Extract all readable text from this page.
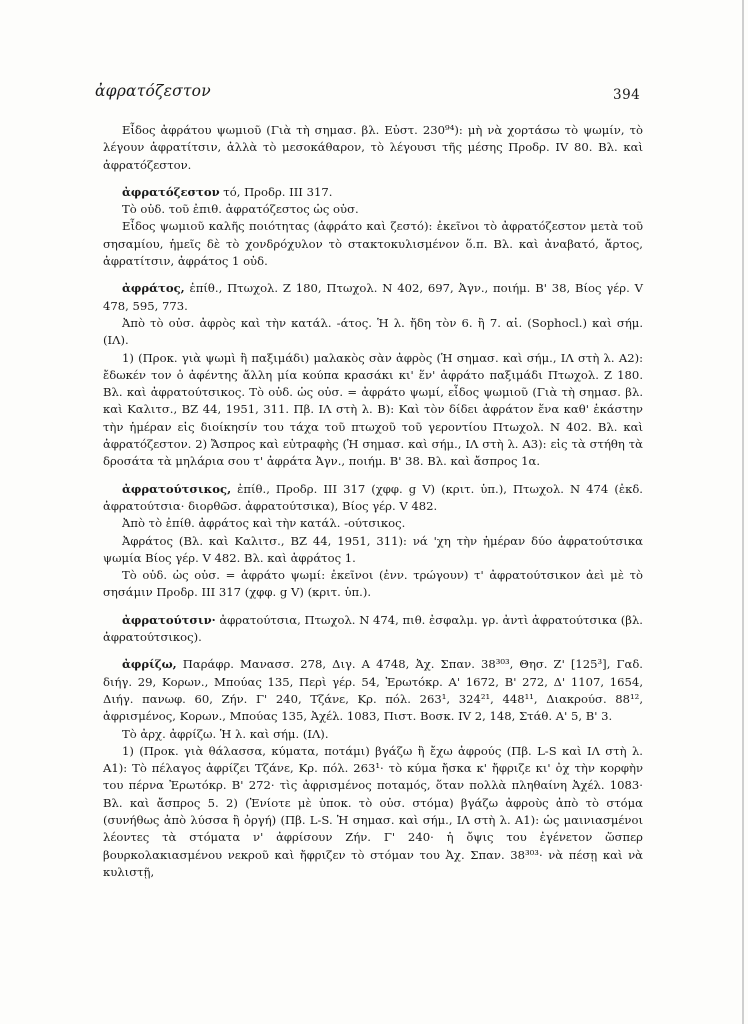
ἀφρατόζεστον	394

Εἶδος ἀφράτου ψωμιοῦ (Γιὰ τὴ σημασ. βλ. Εὐστ. 230⁹⁴): μὴ νὰ χορτάσω τὸ ψωμίν, τὸ λέγουν ἀφρατίτσιν, ἀλλὰ τὸ μεσοκάθαρον, τὸ λέγουσι τῆς μέσης Προδρ. IV 80. Βλ. καὶ ἀφρατόζεστον.

ἀφρατόζεστον τό, Προδρ. III 317.

Τὸ οὐδ. τοῦ ἐπιθ. ἀφρατόζεστος ὡς οὐσ.

Εἶδος ψωμιοῦ καλῆς ποιότητας (ἀφράτο καὶ ζεστό): ἐκεῖνοι τὸ ἀφρατόζεστον μετὰ τοῦ σησαμίου, ἡμεῖς δὲ τὸ χονδρόχυλον τὸ στακτοκυλισμένον ὅ.π. Βλ. καὶ ἀναβατό, ἄρτος, ἀφρατίτσιν, ἀφράτος 1 οὐδ.

ἀφράτος, ἐπίθ., Πτωχολ. Ζ 180, Πτωχολ. Ν 402, 697, Ἀγν., ποιήμ. Β' 38, Βίος γέρ. V 478, 595, 773.

Ἀπὸ τὸ οὐσ. ἀφρὸς καὶ τὴν κατάλ. -άτος. Ἡ λ. ἤδη τὸν 6. ἢ 7. αἰ. (Sophocl.) καὶ σήμ. (ΙΛ).

1) (Προκ. γιὰ ψωμὶ ἢ παξιμάδι) μαλακὸς σὰν ἀφρὸς (Ἡ σημασ. καὶ σήμ., ΙΛ στὴ λ. Α2): ἔδωκέν τον ὁ ἀφέντης ἄλλη μία κούπα κρασάκι κι' ἕν' ἀφράτο παξιμάδι Πτωχολ. Ζ 180. Βλ. καὶ ἀφρατούτσικος. Τὸ οὐδ. ὡς οὐσ. = ἀφράτο ψωμί, εἶδος ψωμιοῦ (Γιὰ τὴ σημασ. βλ. καὶ Καλιτσ., ΒΖ 44, 1951, 311. Πβ. ΙΛ στὴ λ. Β): Καὶ τὸν δίδει ἀφράτον ἕνα καθ' ἑκάστην τὴν ἡμέραν εἰς διοίκησίν του τάχα τοῦ πτωχοῦ τοῦ γεροντίου Πτωχολ. Ν 402. Βλ. καὶ ἀφρατόζεστον. 2) Ἄσπρος καὶ εὐτραφὴς (Ἡ σημασ. καὶ σήμ., ΙΛ στὴ λ. Α3): εἰς τὰ στήθη τὰ δροσάτα τὰ μηλάρια σου τ' ἀφράτα Ἀγν., ποιήμ. Β' 38. Βλ. καὶ ἄσπρος 1α.

ἀφρατούτσικος, ἐπίθ., Προδρ. III 317 (χφφ. g V) (κριτ. ὑπ.), Πτωχολ. Ν 474 (ἐκδ. ἀφρατούτσια· διορθῶσ. ἀφρατούτσικα), Βίος γέρ. V 482.

Ἀπὸ τὸ ἐπίθ. ἀφράτος καὶ τὴν κατάλ. -ούτσικος.

Ἀφράτος (Βλ. καὶ Καλιτσ., ΒΖ 44, 1951, 311): νά 'χη τὴν ἡμέραν δύο ἀφρατούτσικα ψωμία Βίος γέρ. V 482. Βλ. καὶ ἀφράτος 1.

Τὸ οὐδ. ὡς οὐσ. = ἀφράτο ψωμί: ἐκεῖνοι (ἐνν. τρώγουν) τ' ἀφρατούτσικον ἀεὶ μὲ τὸ σησάμιν Προδρ. III 317 (χφφ. g V) (κριτ. ὑπ.).

ἀφρατούτσιν· ἀφρατούτσια, Πτωχολ. Ν 474, πιθ. ἐσφαλμ. γρ. ἀντὶ ἀφρατούτσικα (βλ. ἀφρατούτσικος).

ἀφρίζω, Παράφρ. Μανασσ. 278, Διγ. Α 4748, Ἀχ. Σπαν. 38³⁰³, Θησ. Ζ' [125³], Γαδ. διήγ. 29, Κορων., Μπούας 135, Περὶ γέρ. 54, Ἐρωτόκρ. Α' 1672, Β' 272, Δ' 1107, 1654, Διήγ. πανωφ. 60, Ζήν. Γ' 240, Τζάνε, Κρ. πόλ. 263¹, 324²¹, 448¹¹, Διακρούσ. 88¹², ἀφρισμένος, Κορων., Μπούας 135, Ἀχέλ. 1083, Πιστ. Βοσκ. IV 2, 148, Στάθ. Α' 5, Β' 3.

Τὸ ἀρχ. ἀφρίζω. Ἡ λ. καὶ σήμ. (ΙΛ).

1) (Προκ. γιὰ θάλασσα, κύματα, ποτάμι) βγάζω ἢ ἔχω ἀφρούς (Πβ. L-S καὶ ΙΛ στὴ λ. Α1): Τὸ πέλαγος ἀφρίζει Τζάνε, Κρ. πόλ. 263¹· τὸ κύμα ἤσκα κ' ἤφριζε κι' ὀχ τὴν κορφὴν του πέρνα Ἐρωτόκρ. Β' 272· τὶς ἀφρισμένος ποταμός, ὅταν πολλὰ πληθαίνη Ἀχέλ. 1083· Βλ. καὶ ἄσπρος 5. 2) (Ἐνίοτε μὲ ὑποκ. τὸ οὐσ. στόμα) βγάζω ἀφροὺς ἀπὸ τὸ στόμα (συνήθως ἀπὸ λύσσα ἢ ὀργή) (Πβ. L-S. Ἡ σημασ. καὶ σήμ., ΙΛ στὴ λ. Α1): ὡς μαινιασμένοι λέοντες τὰ στόματα ν' ἀφρίσουν Ζήν. Γ' 240· ἡ ὄψις του ἐγένετον ὥσπερ βουρκολακιασμένου νεκροῦ καὶ ἤφριζεν τὸ στόμαν του Ἀχ. Σπαν. 38³⁰³· νὰ πέσῃ καὶ νὰ κυλιστῇ,
